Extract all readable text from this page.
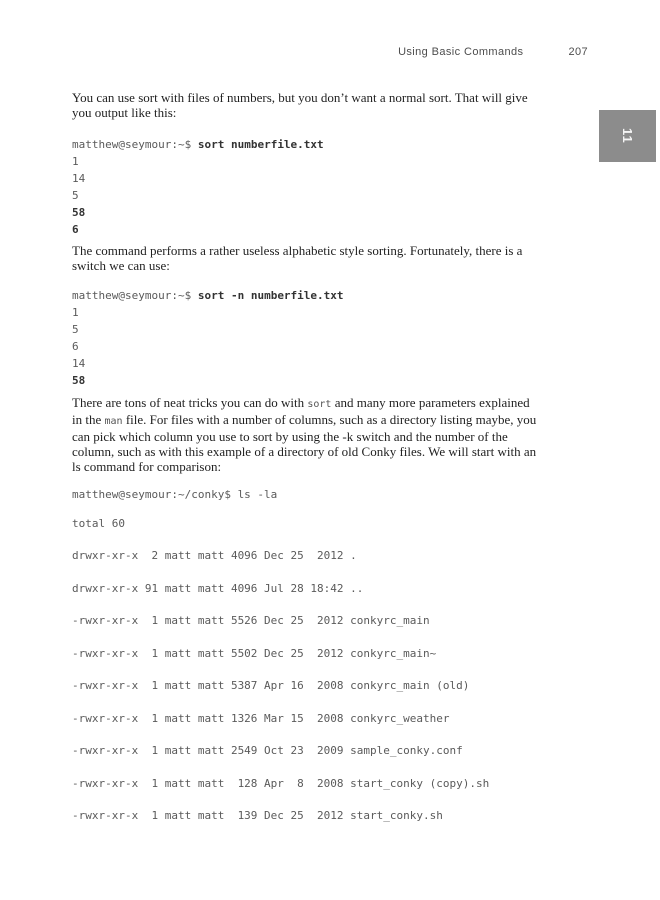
Using Basic Commands	207
11
You can use sort with files of numbers, but you don’t want a normal sort. That will give
you output like this:
matthew@seymour:~$ sort numberfile.txt
1
14
5
58
6
The command performs a rather useless alphabetic style sorting. Fortunately, there is a
switch we can use:
matthew@seymour:~$ sort -n numberfile.txt
1
5
6
14
58
There are tons of neat tricks you can do with sort and many more parameters explained
in the man file. For files with a number of columns, such as a directory listing maybe, you
can pick which column you use to sort by using the -k switch and the number of the
column, such as with this example of a directory of old Conky files. We will start with an
ls command for comparison:
matthew@seymour:~/conky$ ls -la
total 60
drwxr-xr-x  2 matt matt 4096 Dec 25  2012 .
drwxr-xr-x 91 matt matt 4096 Jul 28 18:42 ..
-rwxr-xr-x  1 matt matt 5526 Dec 25  2012 conkyrc_main
-rwxr-xr-x  1 matt matt 5502 Dec 25  2012 conkyrc_main~
-rwxr-xr-x  1 matt matt 5387 Apr 16  2008 conkyrc_main (old)
-rwxr-xr-x  1 matt matt 1326 Mar 15  2008 conkyrc_weather
-rwxr-xr-x  1 matt matt 2549 Oct 23  2009 sample_conky.conf
-rwxr-xr-x  1 matt matt  128 Apr  8  2008 start_conky (copy).sh
-rwxr-xr-x  1 matt matt  139 Dec 25  2012 start_conky.sh
